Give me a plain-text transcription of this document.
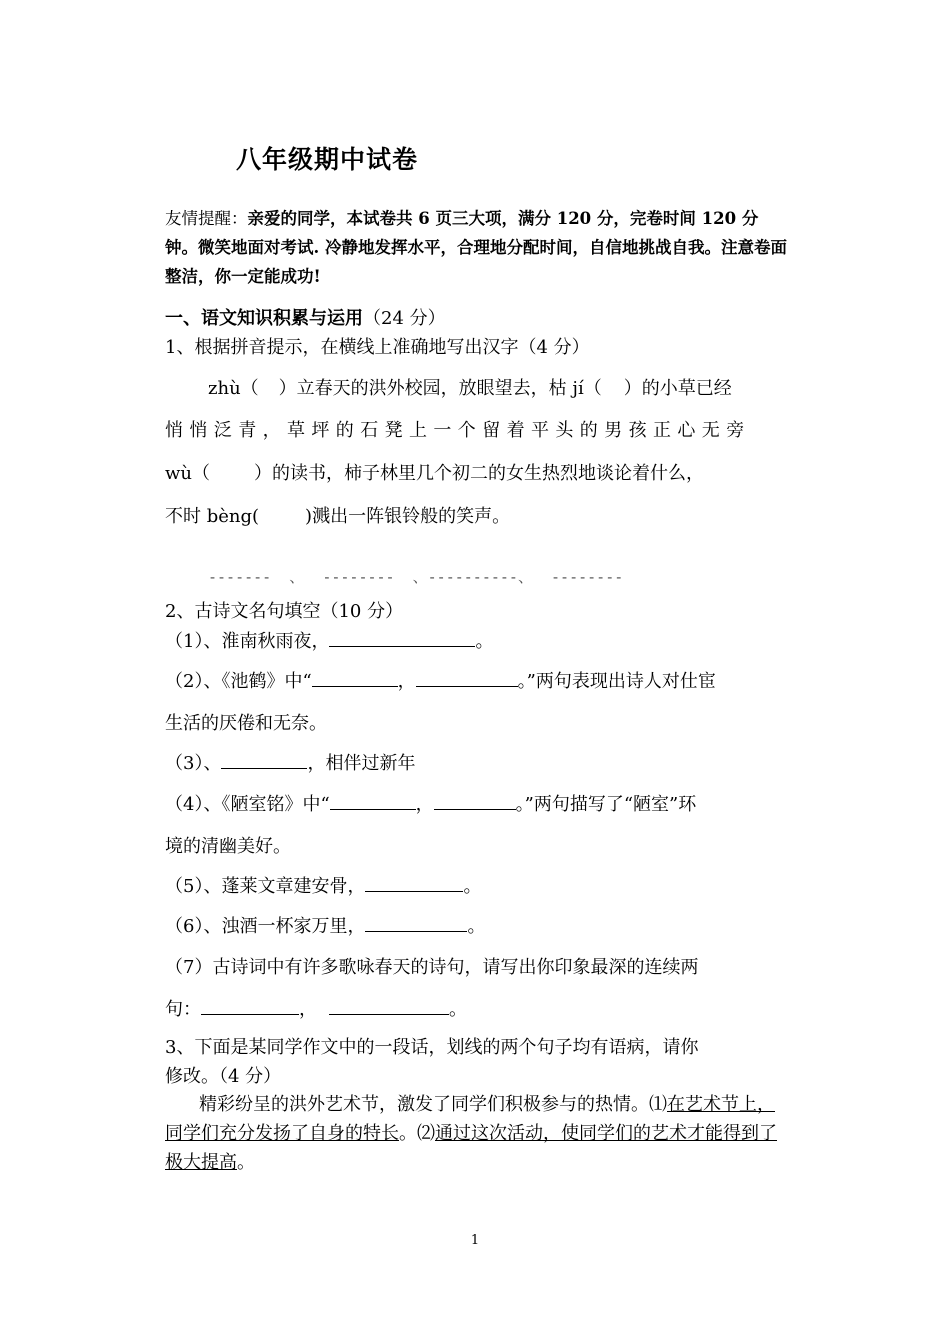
八年级期中试卷
友情提醒：亲爱的同学，本试卷共 6 页三大项，满分 120 分，完卷时间 120 分钟。微笑地面对考试. 冷静地发挥水平，合理地分配时间，自信地挑战自我。注意卷面整洁，你一定能成功!
一、语文知识积累与运用（24 分）
1、根据拼音提示，在横线上准确地写出汉字（4 分）
zhù（ ）立春天的洪外校园，放眼望去，枯 jí（ ）的小草已经
悄悄泛青，草坪的石凳上一个留着平头的男孩正心无旁
wù（ ）的读书，柿子林里几个初二的女生热烈地谈论着什么，
不时 bèng(	)溅出一阵银铃般的笑声。
-------  、  --------  、----------、  --------
2、古诗文名句填空（10 分）
（1）、淮南秋雨夜，	。
（2）、《池鹤》中“	，	。”两句表现出诗人对仕宦
生活的厌倦和无奈。
（3）、	，相伴过新年
（4）、《陋室铭》中“	，	。”两句描写了“陋室”环
境的清幽美好。
（5）、蓬莱文章建安骨，	。
（6）、浊酒一杯家万里，	。
（7）古诗词中有许多歌咏春天的诗句，请写出你印象最深的连续两
句：	，	。
3、下面是某同学作文中的一段话，划线的两个句子均有语病，请你
修改。（4 分）
精彩纷呈的洪外艺术节，激发了同学们积极参与的热情。⑴在艺术节上，同学们充分发扬了自身的特长。⑵通过这次活动，使同学们的艺术才能得到了极大提高。
1
